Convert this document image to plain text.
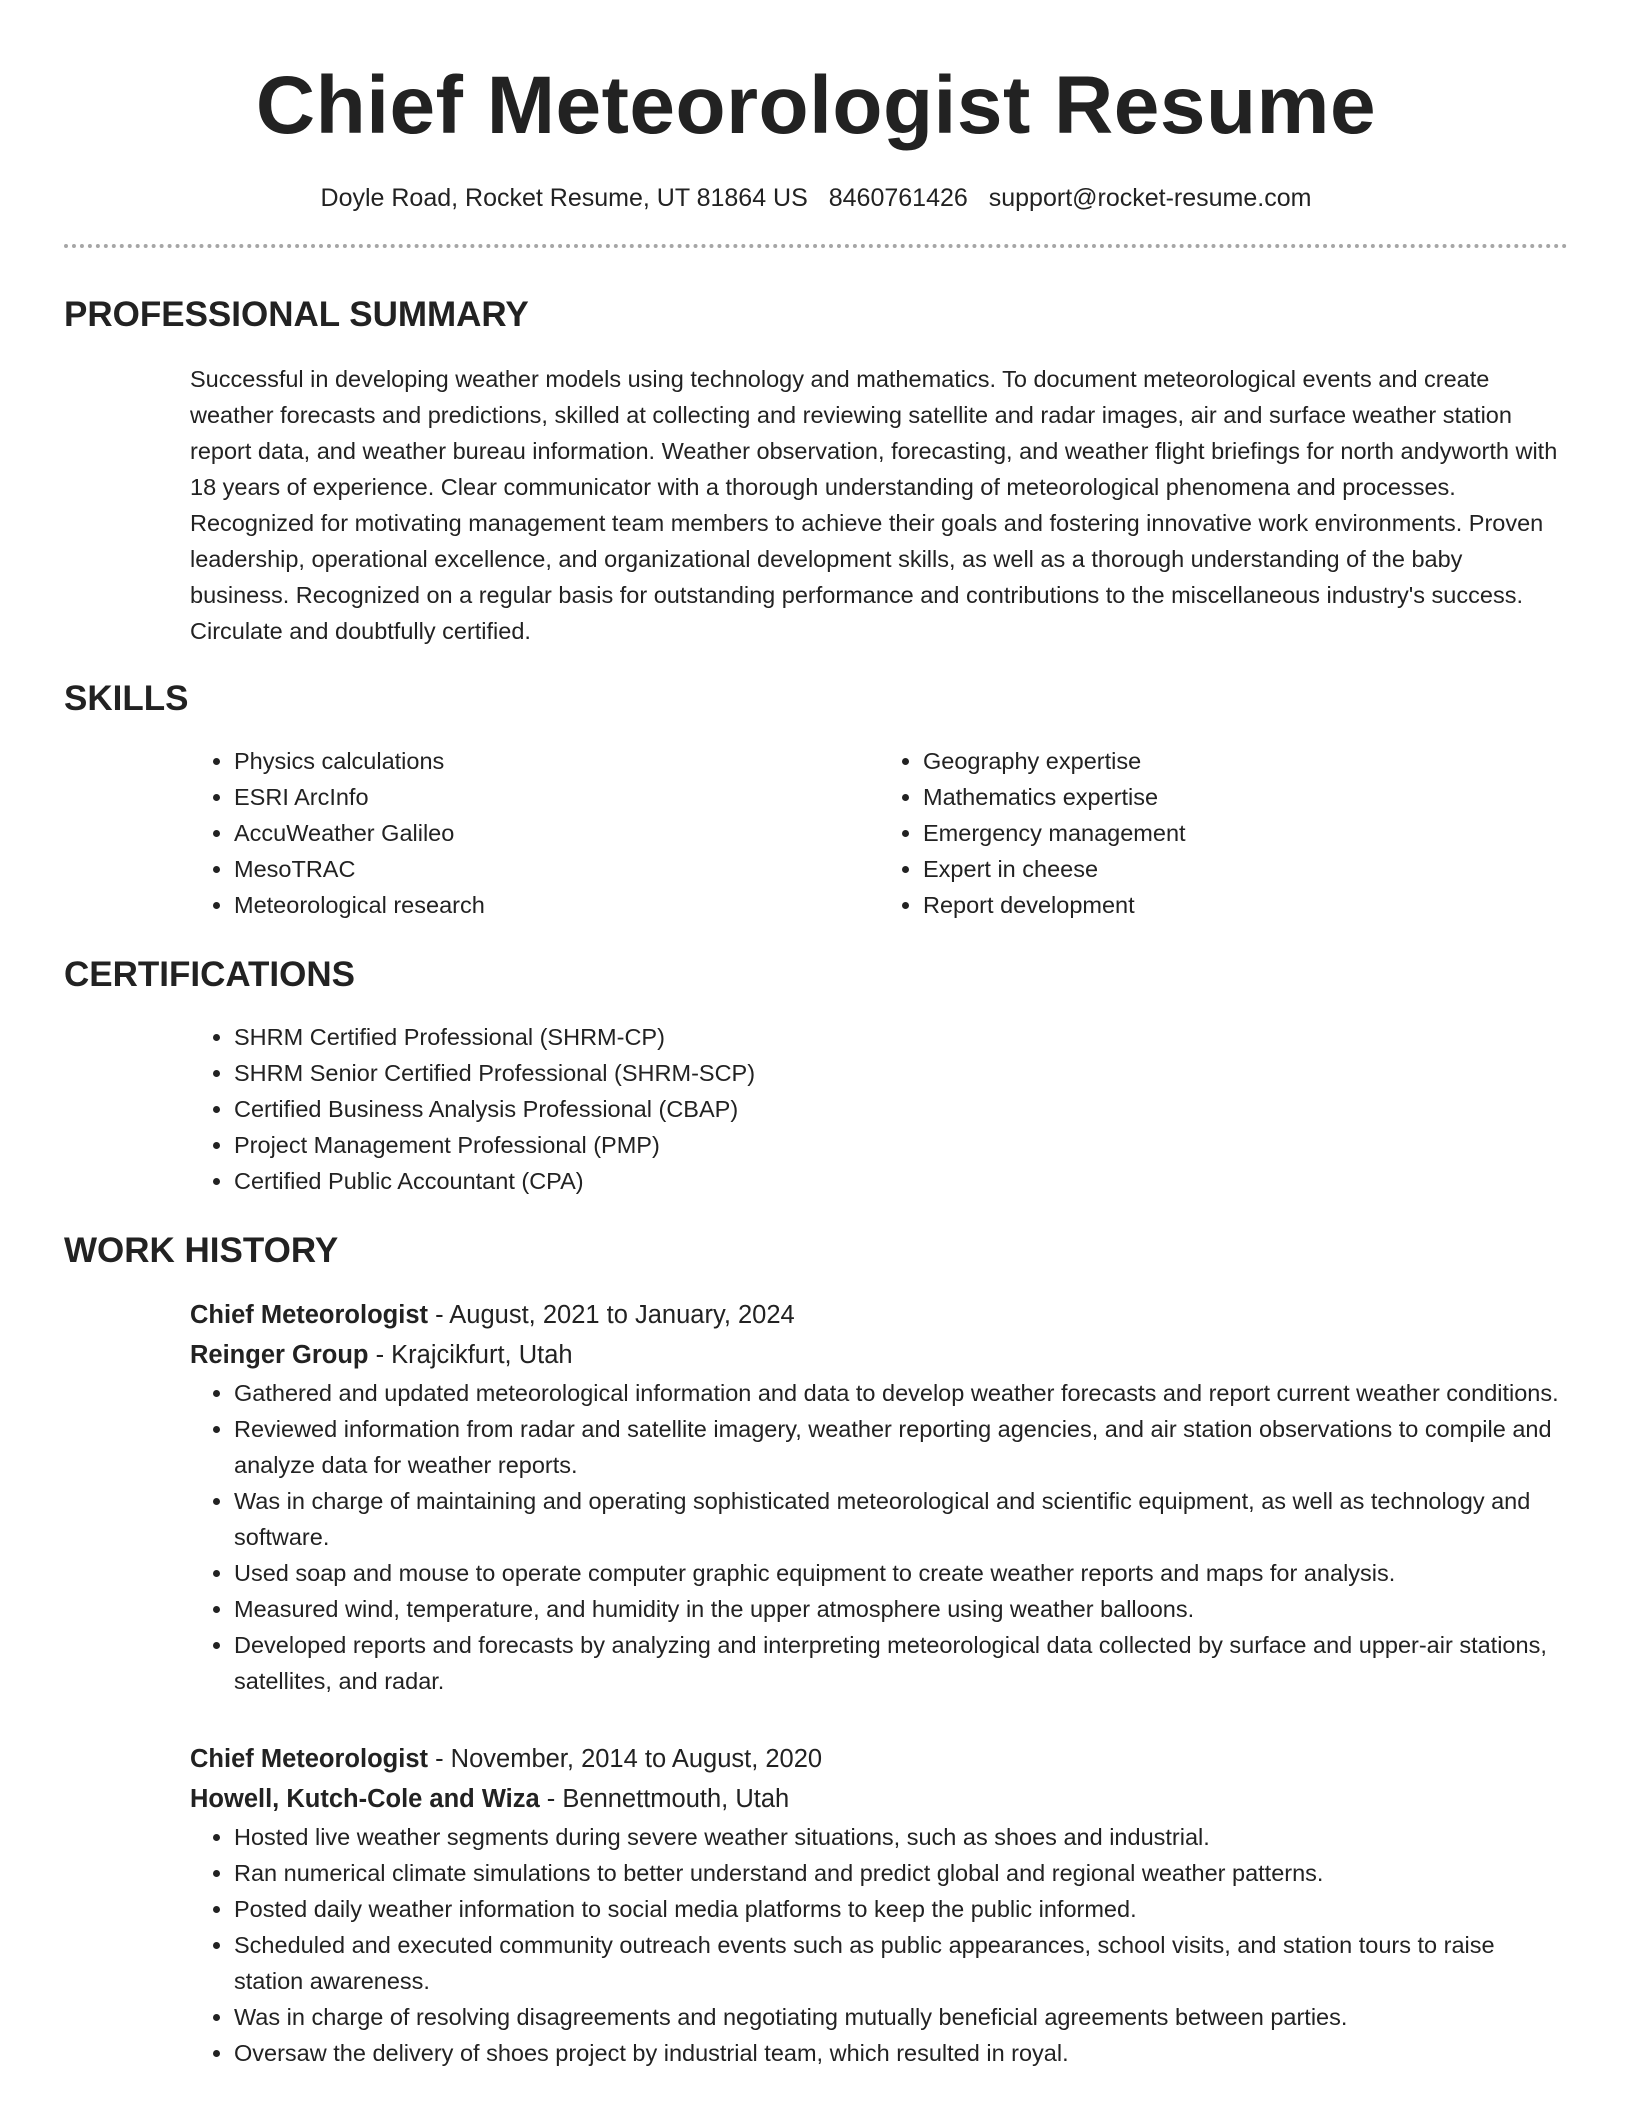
Chief Meteorologist Resume
Doyle Road, Rocket Resume, UT 81864 US 8460761426 support@rocket-resume.com
PROFESSIONAL SUMMARY

Successful in developing weather models using technology and mathematics. To document meteorological events and create weather forecasts and predictions, skilled at collecting and reviewing satellite and radar images, air and surface weather station report data, and weather bureau information. Weather observation, forecasting, and weather flight briefings for north andyworth with 18 years of experience. Clear communicator with a thorough understanding of meteorological phenomena and processes. Recognized for motivating management team members to achieve their goals and fostering innovative work environments. Proven leadership, operational excellence, and organizational development skills, as well as a thorough understanding of the baby business. Recognized on a regular basis for outstanding performance and contributions to the miscellaneous industry's success. Circulate and doubtfully certified.

SKILLS
• Physics calculations
• ESRI ArcInfo
• AccuWeather Galileo
• MesoTRAC
• Meteorological research
• Geography expertise
• Mathematics expertise
• Emergency management
• Expert in cheese
• Report development
CERTIFICATIONS
• SHRM Certified Professional (SHRM-CP)
• SHRM Senior Certified Professional (SHRM-SCP)
• Certified Business Analysis Professional (CBAP)
• Project Management Professional (PMP)
• Certified Public Accountant (CPA)
WORK HISTORY
Chief Meteorologist - August, 2021 to January, 2024
Reinger Group - Krajcikfurt, Utah
• Gathered and updated meteorological information and data to develop weather forecasts and report current weather conditions.
• Reviewed information from radar and satellite imagery, weather reporting agencies, and air station observations to compile and analyze data for weather reports.
• Was in charge of maintaining and operating sophisticated meteorological and scientific equipment, as well as technology and software.
• Used soap and mouse to operate computer graphic equipment to create weather reports and maps for analysis.
• Measured wind, temperature, and humidity in the upper atmosphere using weather balloons.
• Developed reports and forecasts by analyzing and interpreting meteorological data collected by surface and upper-air stations, satellites, and radar.
Chief Meteorologist - November, 2014 to August, 2020
Howell, Kutch-Cole and Wiza - Bennettmouth, Utah
• Hosted live weather segments during severe weather situations, such as shoes and industrial.
• Ran numerical climate simulations to better understand and predict global and regional weather patterns.
• Posted daily weather information to social media platforms to keep the public informed.
• Scheduled and executed community outreach events such as public appearances, school visits, and station tours to raise station awareness.
• Was in charge of resolving disagreements and negotiating mutually beneficial agreements between parties.
• Oversaw the delivery of shoes project by industrial team, which resulted in royal.
